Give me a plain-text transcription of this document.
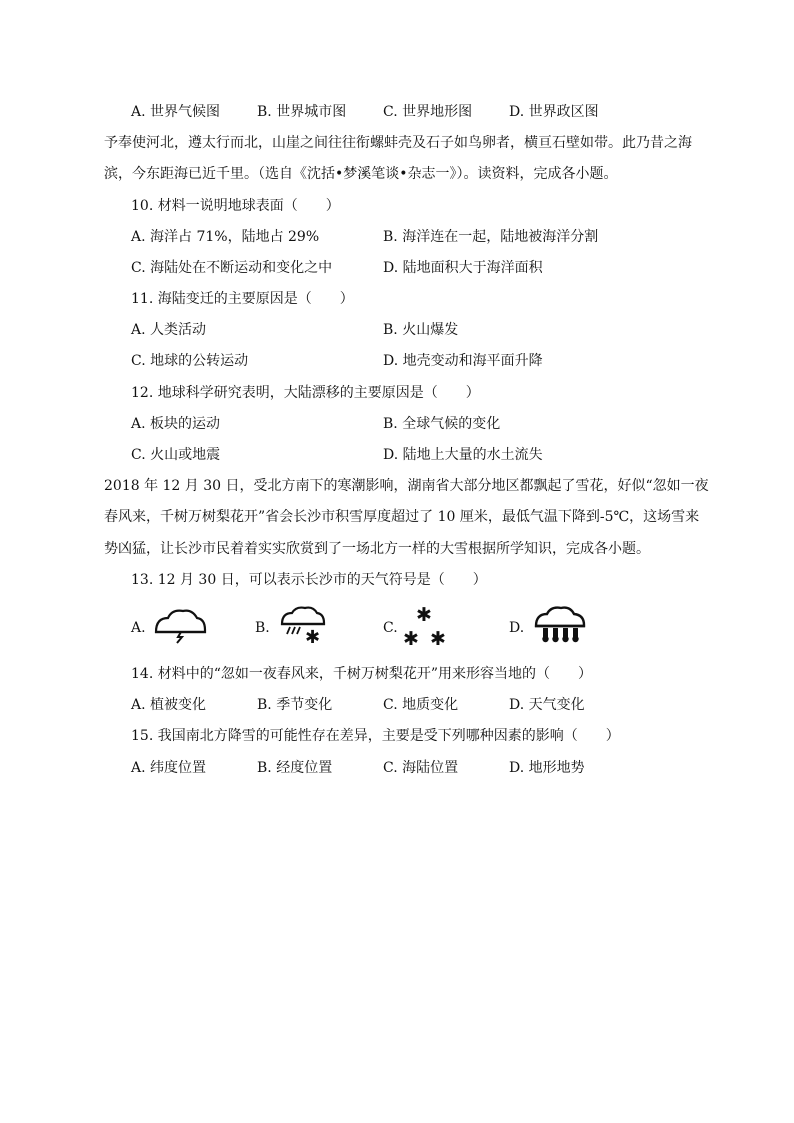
A. 世界气候图	B. 世界城市图	C. 世界地形图	D. 世界政区图
予奉使河北，遵太行而北，山崖之间往往衔螺蚌壳及石子如鸟卵者，横亘石壁如带。此乃昔之海
滨，今东距海已近千里。（选自《沈括•梦溪笔谈•杂志一》）。读资料，完成各小题。
10. 材料一说明地球表面（　　）
A. 海洋占 71%，陆地占 29%	B. 海洋连在一起，陆地被海洋分割
C. 海陆处在不断运动和变化之中	D. 陆地面积大于海洋面积
11. 海陆变迁的主要原因是（　　）
A. 人类活动	B. 火山爆发
C. 地球的公转运动	D. 地壳变动和海平面升降
12. 地球科学研究表明，大陆漂移的主要原因是（　　）
A. 板块的运动	B. 全球气候的变化
C. 火山或地震	D. 陆地上大量的水土流失
2018 年 12 月 30 日，受北方南下的寒潮影响，湖南省大部分地区都飘起了雪花，好似“忽如一夜
春风来，千树万树梨花开”省会长沙市积雪厚度超过了 10 厘米，最低气温下降到-5℃，这场雪来
势凶猛，让长沙市民着着实实欣赏到了一场北方一样的大雪根据所学知识，完成各小题。
13. 12 月 30 日，可以表示长沙市的天气符号是（　　）
A.	B. ✱	C.
✱
✱ ✱	D.
14. 材料中的“忽如一夜春风来，千树万树梨花开”用来形容当地的（　　）
A. 植被变化	B. 季节变化	C. 地质变化	D. 天气变化
15. 我国南北方降雪的可能性存在差异，主要是受下列哪种因素的影响（　　）
A. 纬度位置	B. 经度位置	C. 海陆位置	D. 地形地势
